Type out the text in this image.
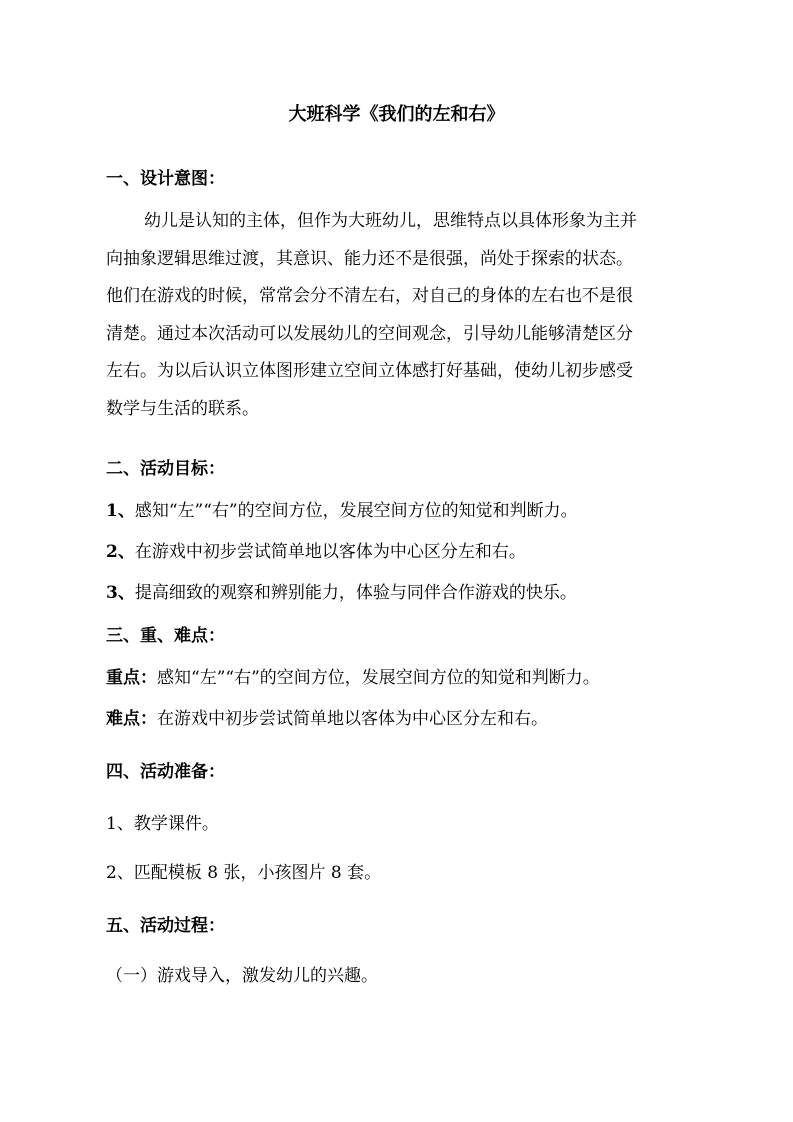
大班科学《我们的左和右》
一、设计意图：
幼儿是认知的主体，但作为大班幼儿，思维特点以具体形象为主并
向抽象逻辑思维过渡，其意识、能力还不是很强，尚处于探索的状态。
他们在游戏的时候，常常会分不清左右，对自己的身体的左右也不是很
清楚。通过本次活动可以发展幼儿的空间观念，引导幼儿能够清楚区分
左右。为以后认识立体图形建立空间立体感打好基础，使幼儿初步感受
数学与生活的联系。
二、活动目标：
1、感知“左”“右”的空间方位，发展空间方位的知觉和判断力。
2、在游戏中初步尝试简单地以客体为中心区分左和右。
3、提高细致的观察和辨别能力，体验与同伴合作游戏的快乐。
三、重、难点：
重点：感知“左”“右”的空间方位，发展空间方位的知觉和判断力。
难点：在游戏中初步尝试简单地以客体为中心区分左和右。
四、活动准备：
1、教学课件。
2、匹配模板 8 张，小孩图片 8 套。
五、活动过程：
（一）游戏导入，激发幼儿的兴趣。
